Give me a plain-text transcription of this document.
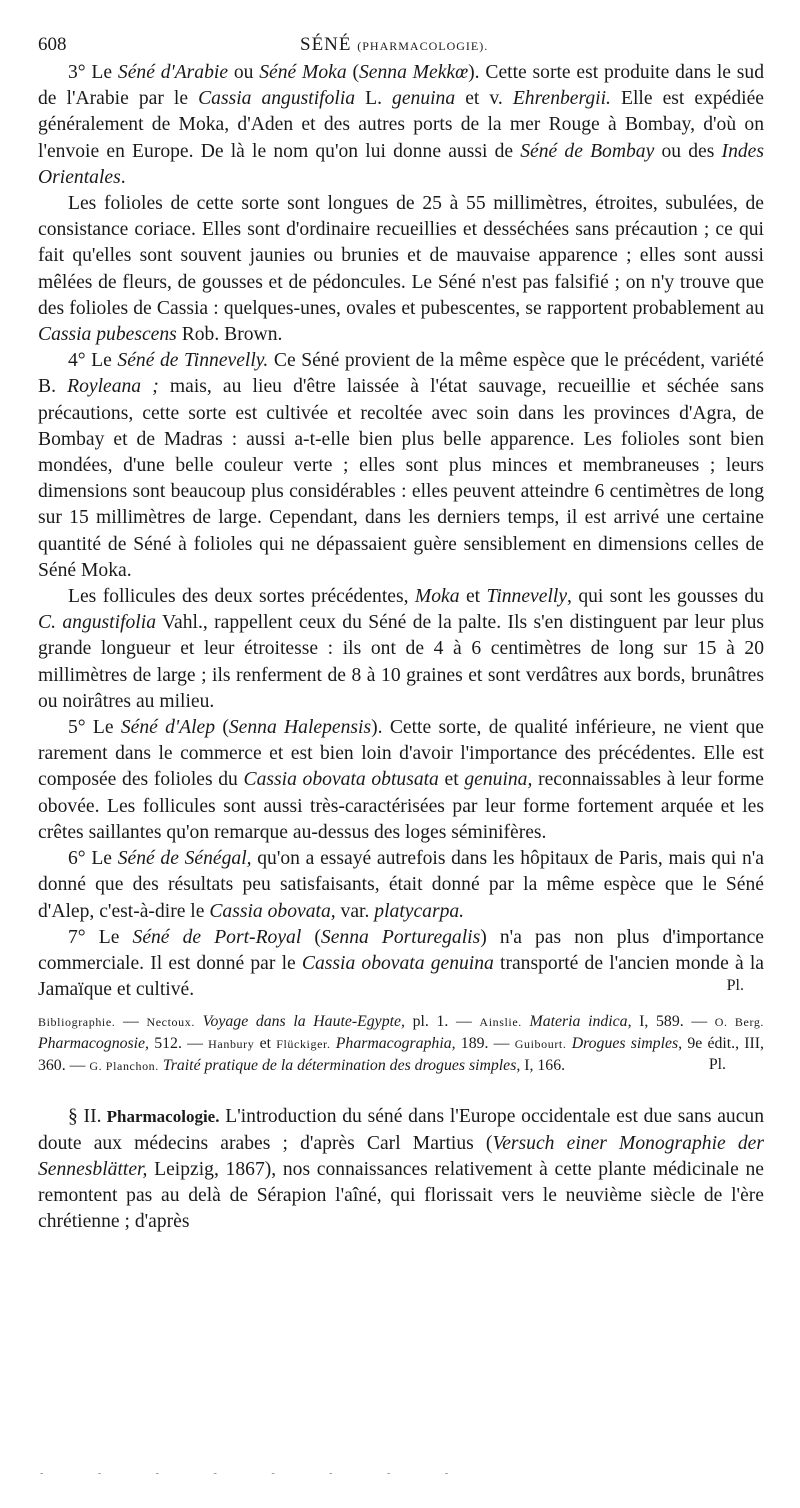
608	SÉNÉ (PHARMACOLOGIE).

3° Le Séné d'Arabie ou Séné Moka (Senna Mekkœ). Cette sorte est produite dans le sud de l'Arabie par le Cassia angustifolia L. genuina et v. Ehrenbergii. Elle est expédiée généralement de Moka, d'Aden et des autres ports de la mer Rouge à Bombay, d'où on l'envoie en Europe. De là le nom qu'on lui donne aussi de Séné de Bombay ou des Indes Orientales.

Les folioles de cette sorte sont longues de 25 à 55 millimètres, étroites, subulées, de consistance coriace. Elles sont d'ordinaire recueillies et desséchées sans précaution ; ce qui fait qu'elles sont souvent jaunies ou brunies et de mauvaise apparence ; elles sont aussi mêlées de fleurs, de gousses et de pédoncules. Le Séné n'est pas falsifié ; on n'y trouve que des folioles de Cassia : quelques-unes, ovales et pubescentes, se rapportent probablement au Cassia pubescens Rob. Brown.

4° Le Séné de Tinnevelly. Ce Séné provient de la même espèce que le précédent, variété B. Royleana ; mais, au lieu d'être laissée à l'état sauvage, recueillie et séchée sans précautions, cette sorte est cultivée et recoltée avec soin dans les provinces d'Agra, de Bombay et de Madras : aussi a-t-elle bien plus belle apparence. Les folioles sont bien mondées, d'une belle couleur verte ; elles sont plus minces et membraneuses ; leurs dimensions sont beaucoup plus considérables : elles peuvent atteindre 6 centimètres de long sur 15 millimètres de large. Cependant, dans les derniers temps, il est arrivé une certaine quantité de Séné à folioles qui ne dépassaient guère sensiblement en dimensions celles de Séné Moka.

Les follicules des deux sortes précédentes, Moka et Tinnevelly, qui sont les gousses du C. angustifolia Vahl., rappellent ceux du Séné de la palte. Ils s'en distinguent par leur plus grande longueur et leur étroitesse : ils ont de 4 à 6 centimètres de long sur 15 à 20 millimètres de large ; ils renferment de 8 à 10 graines et sont verdâtres aux bords, brunâtres ou noirâtres au milieu.

5° Le Séné d'Alep (Senna Halepensis). Cette sorte, de qualité inférieure, ne vient que rarement dans le commerce et est bien loin d'avoir l'importance des précédentes. Elle est composée des folioles du Cassia obovata obtusata et genuina, reconnaissables à leur forme obovée. Les follicules sont aussi très-caractérisées par leur forme fortement arquée et les crêtes saillantes qu'on remarque au-dessus des loges séminifères.

6° Le Séné de Sénégal, qu'on a essayé autrefois dans les hôpitaux de Paris, mais qui n'a donné que des résultats peu satisfaisants, était donné par la même espèce que le Séné d'Alep, c'est-à-dire le Cassia obovata, var. platycarpa.

7° Le Séné de Port-Royal (Senna Porturegalis) n'a pas non plus d'importance commerciale. Il est donné par le Cassia obovata genuina transporté de l'ancien monde à la Jamaïque et cultivé.	Pl.

Bibliographie. — Nectoux. Voyage dans la Haute-Egypte, pl. 1. — Ainslie. Materia indica, I, 589. — O. Berg. Pharmacognosie, 512. — Hanbury et Flückiger. Pharmacographia, 189. — Guibourt. Drogues simples, 9e édit., III, 360. — G. Planchon. Traité pratique de la détermination des drogues simples, I, 166.	Pl.

§ II. Pharmacologie. L'introduction du séné dans l'Europe occidentale est due sans aucun doute aux médecins arabes ; d'après Carl Martius (Versuch einer Monographie der Sennesblätter, Leipzig, 1867), nos connaissances relativement à cette plante médicinale ne remontent pas au delà de Sérapion l'aîné, qui florissait vers le neuvième siècle de l'ère chrétienne ; d'après

- - - - - - - -
